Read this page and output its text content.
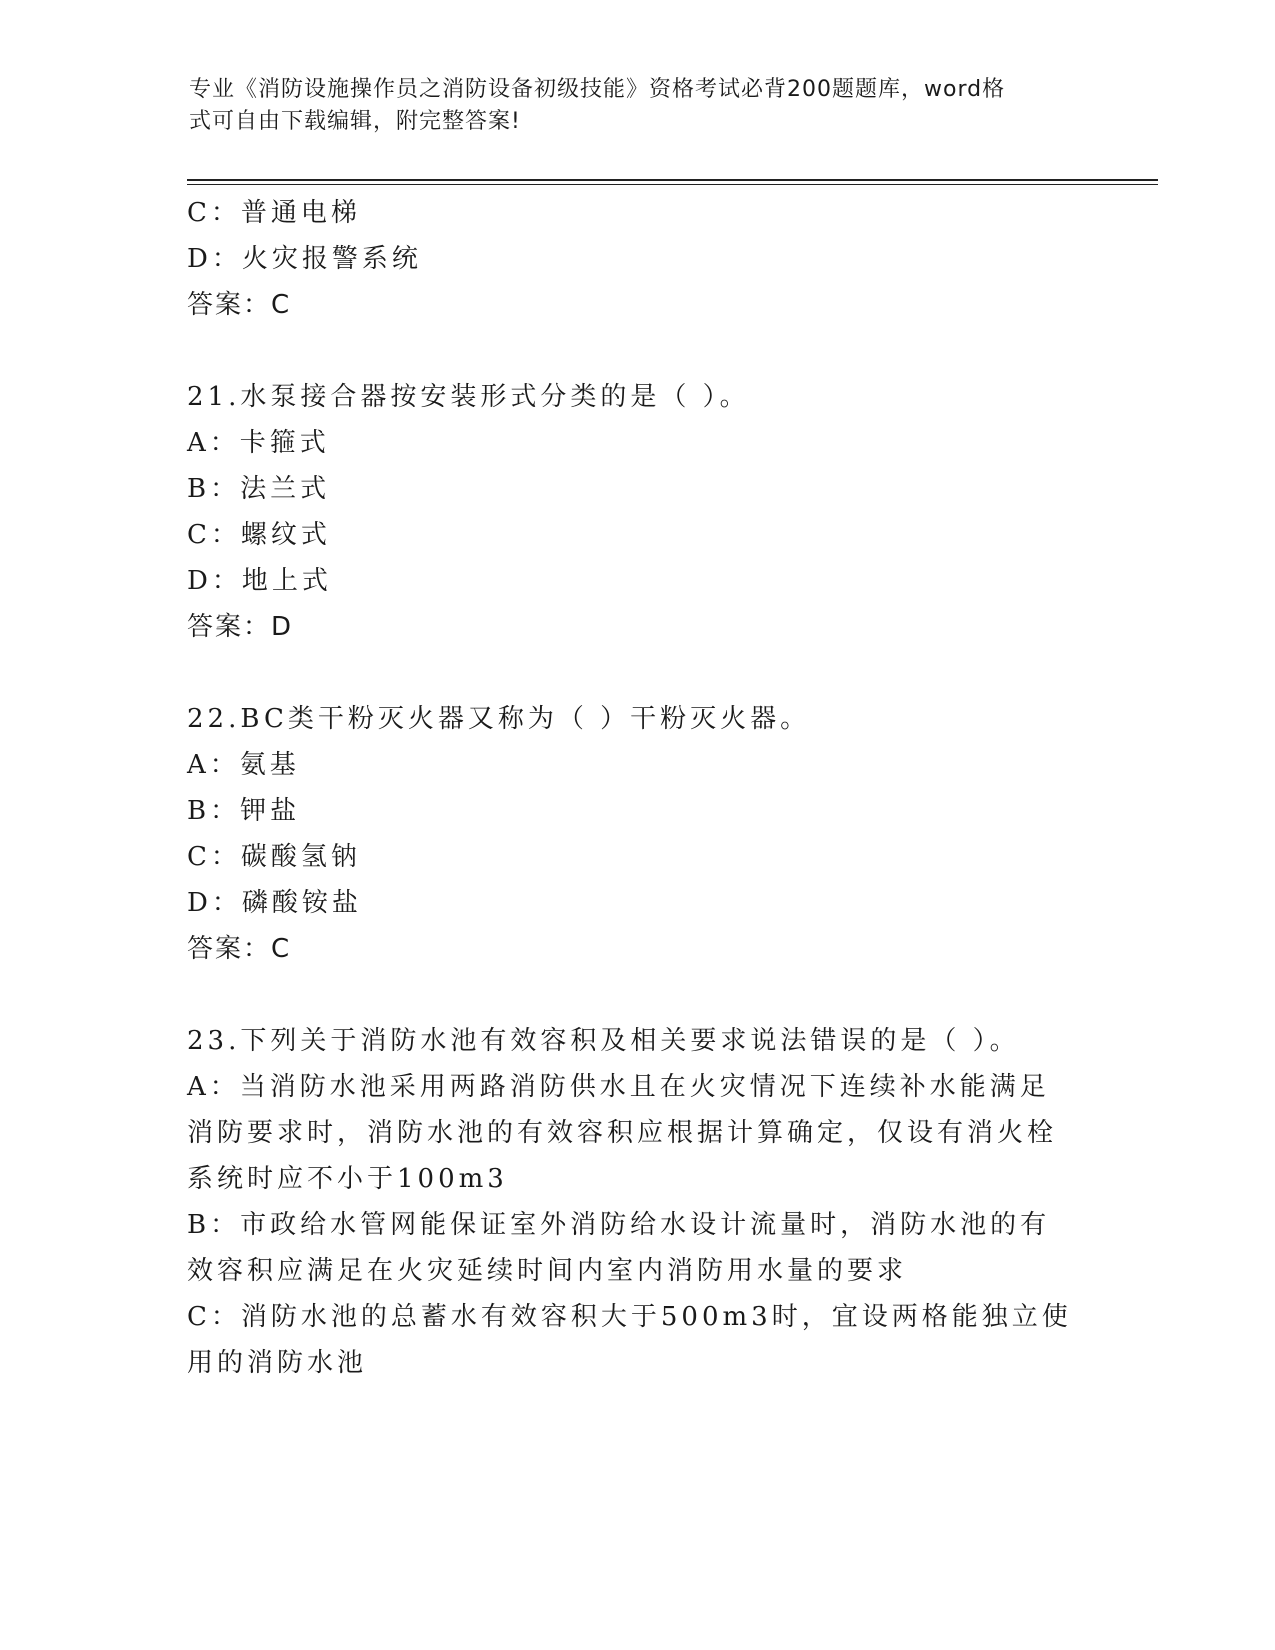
专业《消防设施操作员之消防设备初级技能》资格考试必背200题题库，word格
式可自由下载编辑，附完整答案!
C：普通电梯
D：火灾报警系统
答案：C
21.水泵接合器按安装形式分类的是（ ）。
A：卡箍式
B：法兰式
C：螺纹式
D：地上式
答案：D
22.BC类干粉灭火器又称为（ ）干粉灭火器。
A：氨基
B：钾盐
C：碳酸氢钠
D：磷酸铵盐
答案：C
23.下列关于消防水池有效容积及相关要求说法错误的是（ ）。
A：当消防水池采用两路消防供水且在火灾情况下连续补水能满足消防要求时，消防水池的有效容积应根据计算确定，仅设有消火栓系统时应不小于100m3
B：市政给水管网能保证室外消防给水设计流量时，消防水池的有效容积应满足在火灾延续时间内室内消防用水量的要求
C：消防水池的总蓄水有效容积大于500m3时，宜设两格能独立使用的消防水池
